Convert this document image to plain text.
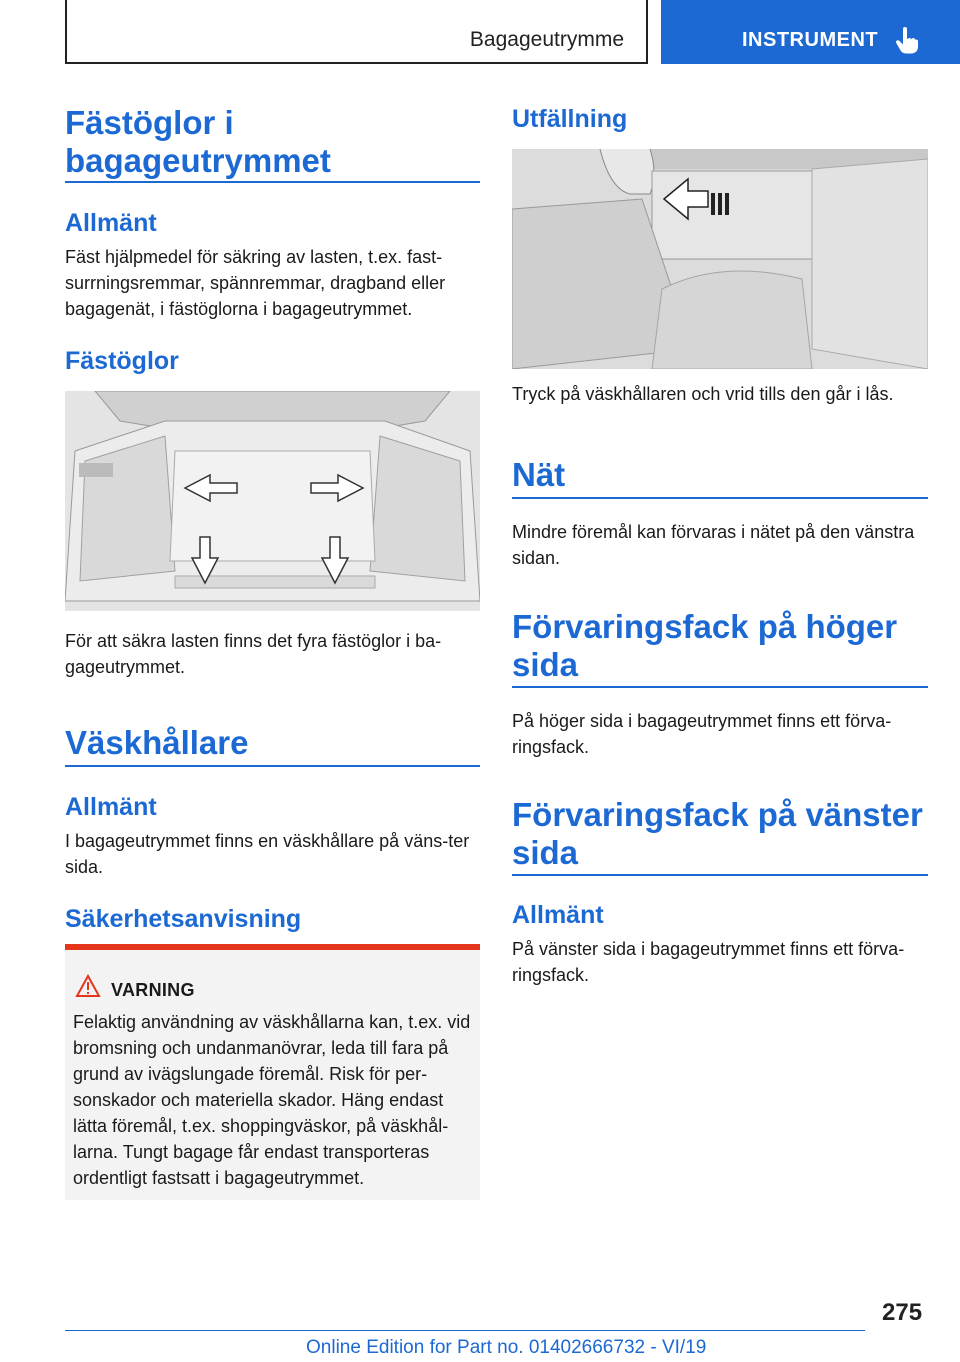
Bagageutrymme	INSTRUMENT
Fästöglor i bagageutrymmet
Allmänt

Fäst hjälpmedel för säkring av lasten, t.ex. fast-surrningsremmar, spännremmar, dragband eller bagagenät, i fästöglorna i bagageutrymmet.

Fästöglor

För att säkra lasten finns det fyra fästöglor i ba-gageutrymmet.

Väskhållare
Allmänt

I bagageutrymmet finns en väskhållare på väns-ter sida.

Säkerhetsanvisning
VARNING

Felaktig användning av väskhållarna kan, t.ex. vid bromsning och undanmanövrar, leda till fara på grund av ivägslungade föremål. Risk för per-sonskador och materiella skador. Häng endast lätta föremål, t.ex. shoppingväskor, på väskhål-larna. Tungt bagage får endast transporteras ordentligt fastsatt i bagageutrymmet.

Utfällning

Tryck på väskhållaren och vrid tills den går i lås.

Nät

Mindre föremål kan förvaras i nätet på den vänstra sidan.

Förvaringsfack på höger sida

På höger sida i bagageutrymmet finns ett förva-ringsfack.

Förvaringsfack på vänster sida
Allmänt

På vänster sida i bagageutrymmet finns ett förva-ringsfack.

275
Online Edition for Part no. 01402666732 - VI/19
